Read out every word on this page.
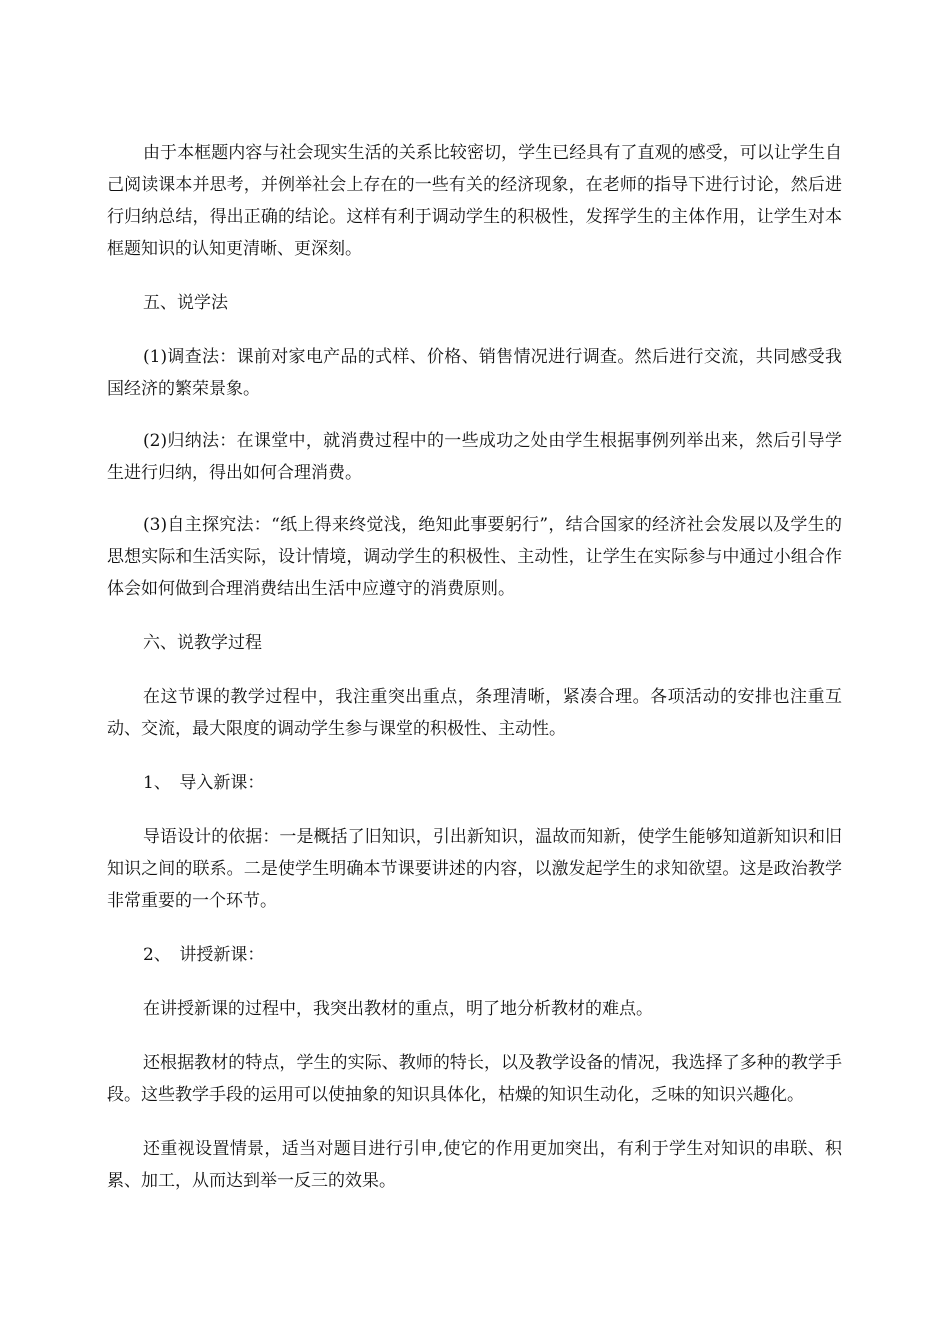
由于本框题内容与社会现实生活的关系比较密切，学生已经具有了直观的感受，可以让学生自己阅读课本并思考，并例举社会上存在的一些有关的经济现象，在老师的指导下进行讨论，然后进行归纳总结，得出正确的结论。这样有利于调动学生的积极性，发挥学生的主体作用，让学生对本框题知识的认知更清晰、更深刻。

五、说学法

(1)调查法：课前对家电产品的式样、价格、销售情况进行调查。然后进行交流，共同感受我国经济的繁荣景象。

(2)归纳法：在课堂中，就消费过程中的一些成功之处由学生根据事例列举出来，然后引导学生进行归纳，得出如何合理消费。

(3)自主探究法：“纸上得来终觉浅，绝知此事要躬行”，结合国家的经济社会发展以及学生的思想实际和生活实际，设计情境，调动学生的积极性、主动性，让学生在实际参与中通过小组合作体会如何做到合理消费结出生活中应遵守的消费原则。

六、说教学过程

在这节课的教学过程中，我注重突出重点，条理清晰，紧凑合理。各项活动的安排也注重互动、交流，最大限度的调动学生参与课堂的积极性、主动性。

1、　导入新课：

导语设计的依据：一是概括了旧知识，引出新知识，温故而知新，使学生能够知道新知识和旧知识之间的联系。二是使学生明确本节课要讲述的内容，以激发起学生的求知欲望。这是政治教学非常重要的一个环节。

2、　讲授新课：

在讲授新课的过程中，我突出教材的重点，明了地分析教材的难点。

还根据教材的特点，学生的实际、教师的特长，以及教学设备的情况，我选择了多种的教学手段。这些教学手段的运用可以使抽象的知识具体化，枯燥的知识生动化，乏味的知识兴趣化。

还重视设置情景，适当对题目进行引申,使它的作用更加突出，有利于学生对知识的串联、积累、加工，从而达到举一反三的效果。
